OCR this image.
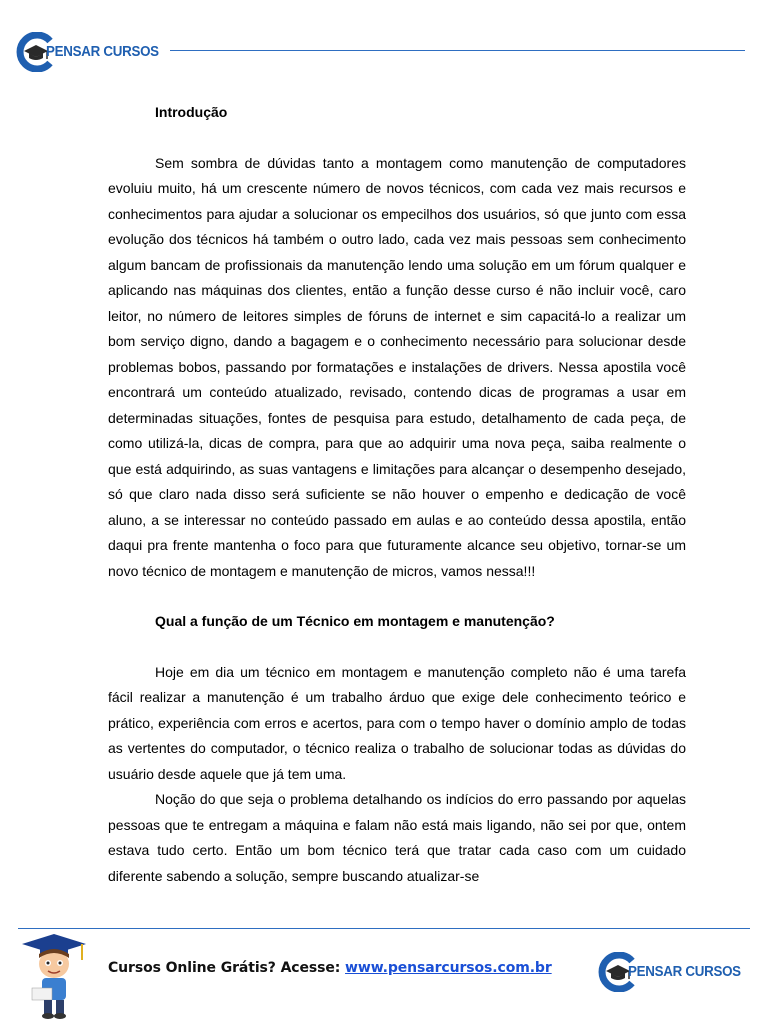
PENSAR CURSOS

Introdução

Sem sombra de dúvidas tanto a montagem como manutenção de computadores evoluiu muito, há um crescente número de novos técnicos, com cada vez mais recursos e conhecimentos para ajudar a solucionar os empecilhos dos usuários, só que junto com essa evolução dos técnicos há também o outro lado, cada vez mais pessoas sem conhecimento algum bancam de profissionais da manutenção lendo uma solução em um fórum qualquer e aplicando nas máquinas dos clientes, então a função desse curso é não incluir você, caro leitor, no número de leitores simples de fóruns de internet e sim capacitá-lo a realizar um bom serviço digno, dando a bagagem e o conhecimento necessário para solucionar desde problemas bobos, passando por formatações e instalações de drivers. Nessa apostila você encontrará um conteúdo atualizado, revisado, contendo dicas de programas a usar em determinadas situações, fontes de pesquisa para estudo, detalhamento de cada peça, de como utilizá-la, dicas de compra, para que ao adquirir uma nova peça, saiba realmente o que está adquirindo, as suas vantagens e limitações para alcançar o desempenho desejado, só que claro nada disso será suficiente se não houver o empenho e dedicação de você aluno, a se interessar no conteúdo passado em aulas e ao conteúdo dessa apostila, então daqui pra frente mantenha o foco para que futuramente alcance seu objetivo, tornar-se um novo técnico de montagem e manutenção de micros, vamos nessa!!!

Qual a função de um Técnico em montagem e manutenção?

Hoje em dia um técnico em montagem e manutenção completo não é uma tarefa fácil realizar a manutenção é um trabalho árduo que exige dele conhecimento teórico e prático, experiência com erros e acertos, para com o tempo haver o domínio amplo de todas as vertentes do computador, o técnico realiza o trabalho de solucionar todas as dúvidas do usuário desde aquele que já tem uma.

Noção do que seja o problema detalhando os indícios do erro passando por aquelas pessoas que te entregam a máquina e falam não está mais ligando, não sei por que, ontem estava tudo certo. Então um bom técnico terá que tratar cada caso com um cuidado diferente sabendo a solução, sempre buscando atualizar-se

Cursos Online Grátis? Acesse: www.pensarcursos.com.br	PENSAR CURSOS
